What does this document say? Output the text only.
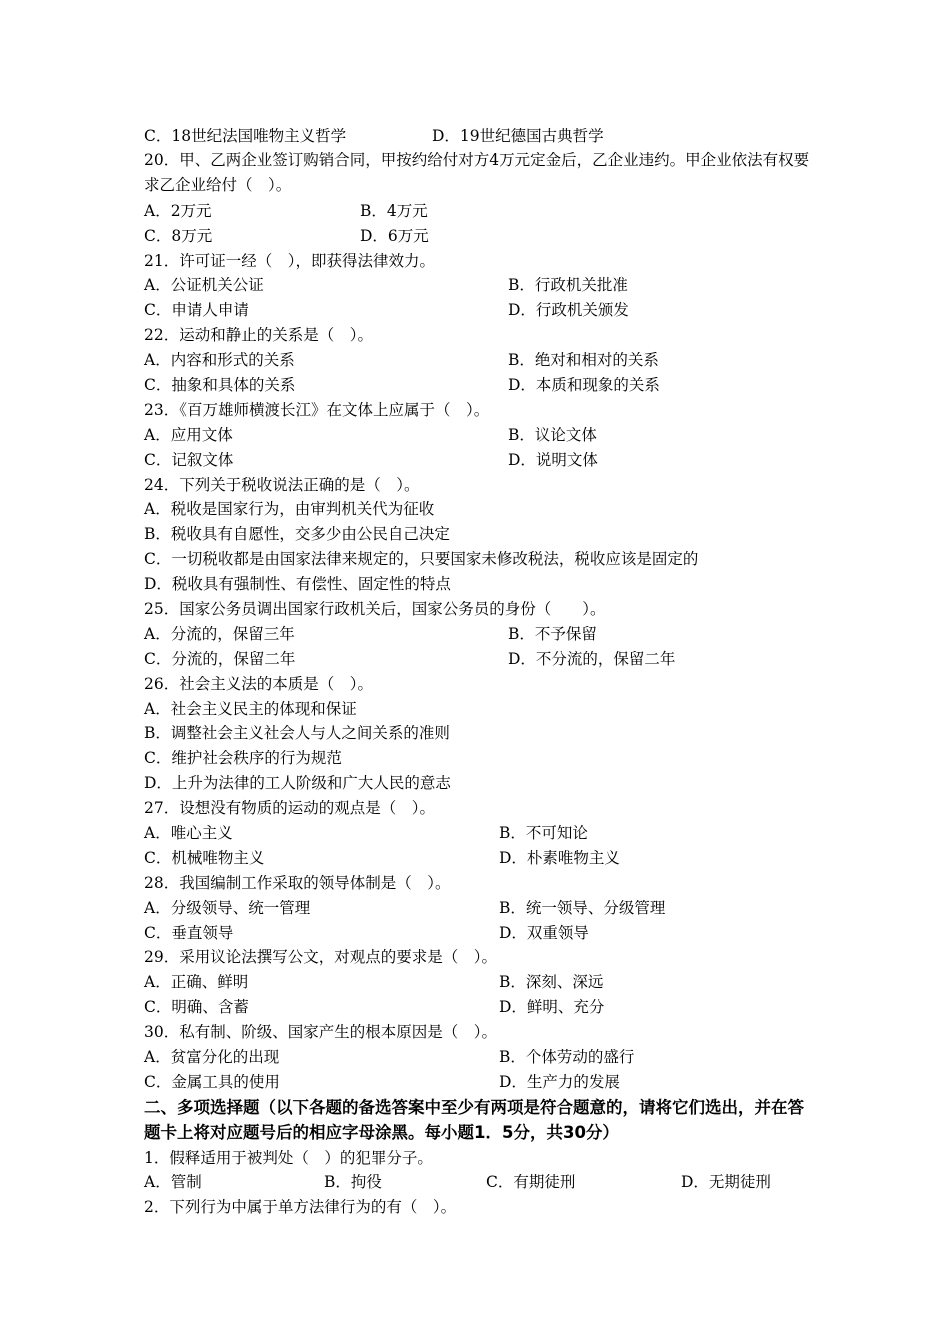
C．18世纪法国唯物主义哲学	D．19世纪德国古典哲学
20．甲、乙两企业签订购销合同，甲按约给付对方4万元定金后，乙企业违约。甲企业依法有权要求乙企业给付（　）。
A．2万元	B．4万元
C．8万元	D．6万元
21．许可证一经（　），即获得法律效力。
A．公证机关公证	B．行政机关批准
C．申请人申请	D．行政机关颁发
22．运动和静止的关系是（　）。
A．内容和形式的关系	B．绝对和相对的关系
C．抽象和具体的关系	D．本质和现象的关系
23．《百万雄师横渡长江》在文体上应属于（　）。
A．应用文体	B．议论文体
C．记叙文体	D．说明文体
24．下列关于税收说法正确的是（　）。
A．税收是国家行为，由审判机关代为征收
B．税收具有自愿性，交多少由公民自己决定
C．一切税收都是由国家法律来规定的，只要国家未修改税法，税收应该是固定的
D．税收具有强制性、有偿性、固定性的特点
25．国家公务员调出国家行政机关后，国家公务员的身份（　　）。
A．分流的，保留三年	B．不予保留
C．分流的，保留二年	D．不分流的，保留二年
26．社会主义法的本质是（　）。
A．社会主义民主的体现和保证
B．调整社会主义社会人与人之间关系的准则
C．维护社会秩序的行为规范
D．上升为法律的工人阶级和广大人民的意志
27．设想没有物质的运动的观点是（　）。
A．唯心主义	B．不可知论
C．机械唯物主义	D．朴素唯物主义
28．我国编制工作采取的领导体制是（　）。
A．分级领导、统一管理	B．统一领导、分级管理
C．垂直领导	D．双重领导
29．采用议论法撰写公文，对观点的要求是（　）。
A．正确、鲜明	B．深刻、深远
C．明确、含蓄	D．鲜明、充分
30．私有制、阶级、国家产生的根本原因是（　）。
A．贫富分化的出现	B．个体劳动的盛行
C．金属工具的使用	D．生产力的发展
二、多项选择题（以下各题的备选答案中至少有两项是符合题意的，请将它们选出，并在答题卡上将对应题号后的相应字母涂黑。每小题1．5分，共30分）
1．假释适用于被判处（　）的犯罪分子。
A．管制	B．拘役	C．有期徒刑	D．无期徒刑
2．下列行为中属于单方法律行为的有（　）。
